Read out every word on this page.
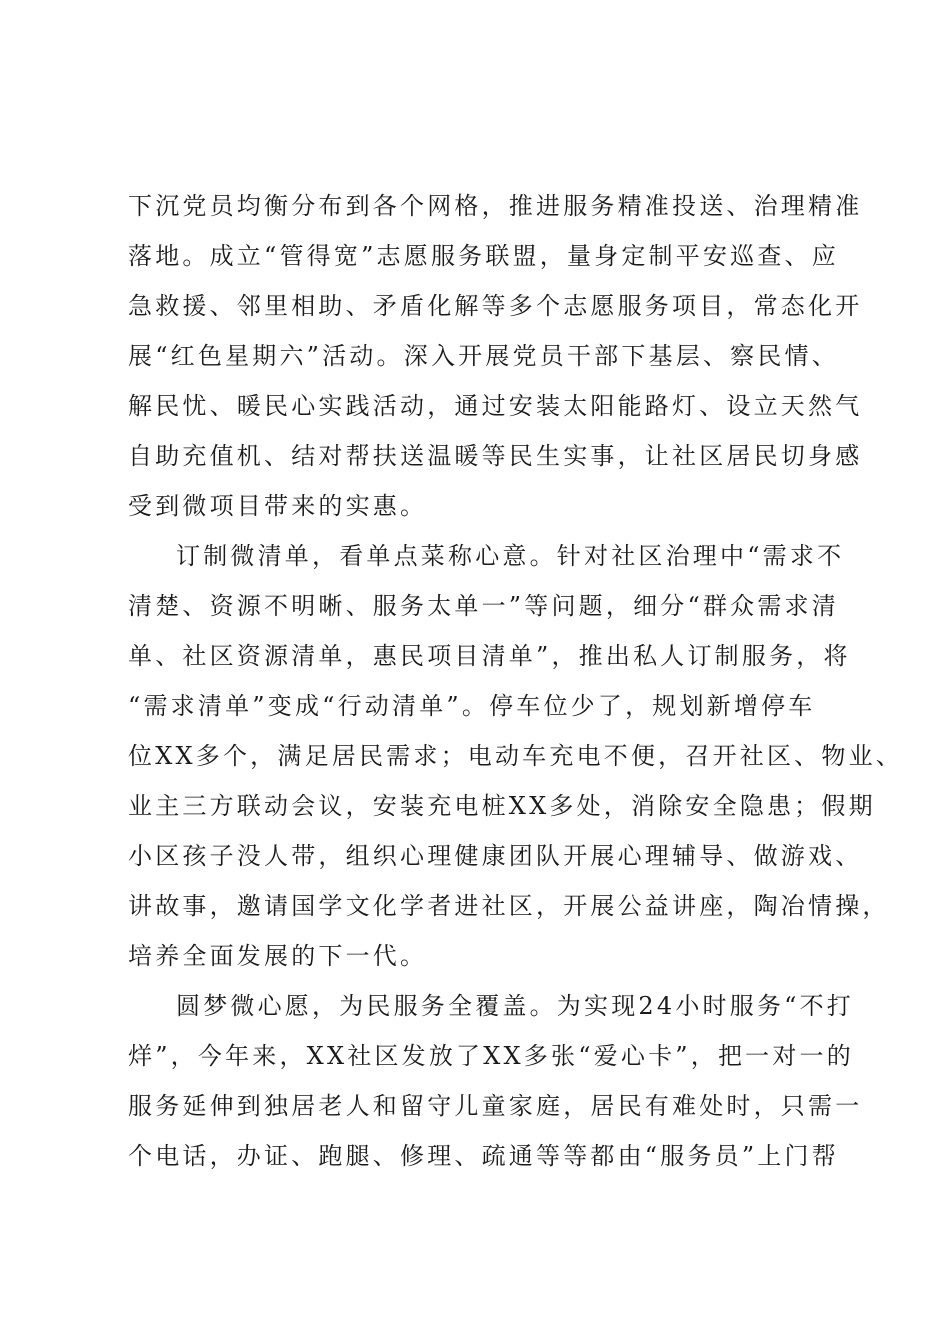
下沉党员均衡分布到各个网格，推进服务精准投送、治理精准
落地。成立“管得宽”志愿服务联盟，量身定制平安巡查、应
急救援、邻里相助、矛盾化解等多个志愿服务项目，常态化开
展“红色星期六”活动。深入开展党员干部下基层、察民情、
解民忧、暖民心实践活动，通过安装太阳能路灯、设立天然气
自助充值机、结对帮扶送温暖等民生实事，让社区居民切身感
受到微项目带来的实惠。
订制微清单，看单点菜称心意。针对社区治理中“需求不
清楚、资源不明晰、服务太单一”等问题，细分“群众需求清
单、社区资源清单，惠民项目清单”，推出私人订制服务，将
“需求清单”变成“行动清单”。停车位少了，规划新增停车
位XX多个，满足居民需求；电动车充电不便，召开社区、物业、
业主三方联动会议，安装充电桩XX多处，消除安全隐患；假期
小区孩子没人带，组织心理健康团队开展心理辅导、做游戏、
讲故事，邀请国学文化学者进社区，开展公益讲座，陶冶情操，
培养全面发展的下一代。
圆梦微心愿，为民服务全覆盖。为实现24小时服务“不打
烊”，今年来，XX社区发放了XX多张“爱心卡”，把一对一的
服务延伸到独居老人和留守儿童家庭，居民有难处时，只需一
个电话，办证、跑腿、修理、疏通等等都由“服务员”上门帮
